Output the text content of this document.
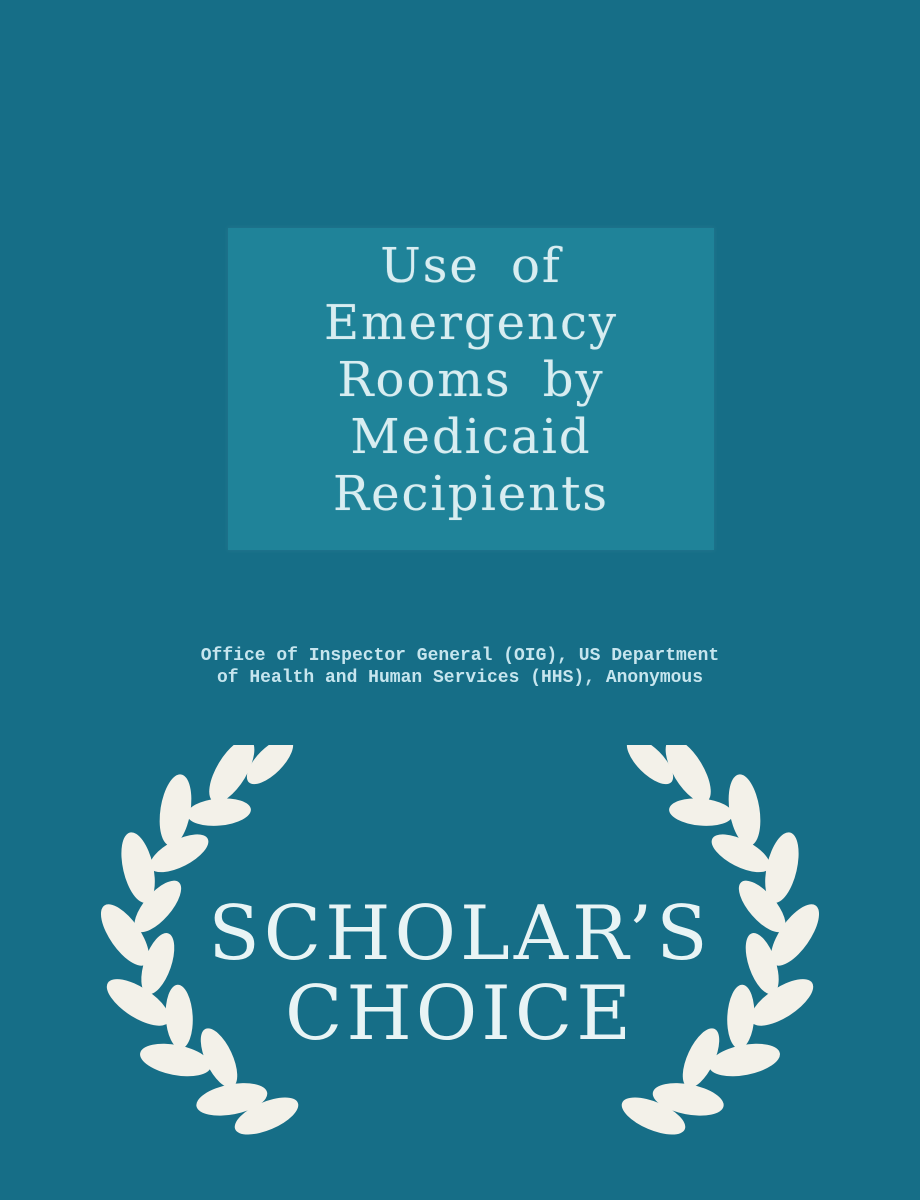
Use of
Emergency
Rooms by
Medicaid
Recipients
Office of Inspector General (OIG), US Department
of Health and Human Services (HHS), Anonymous
SCHOLAR’S
CHOICE
